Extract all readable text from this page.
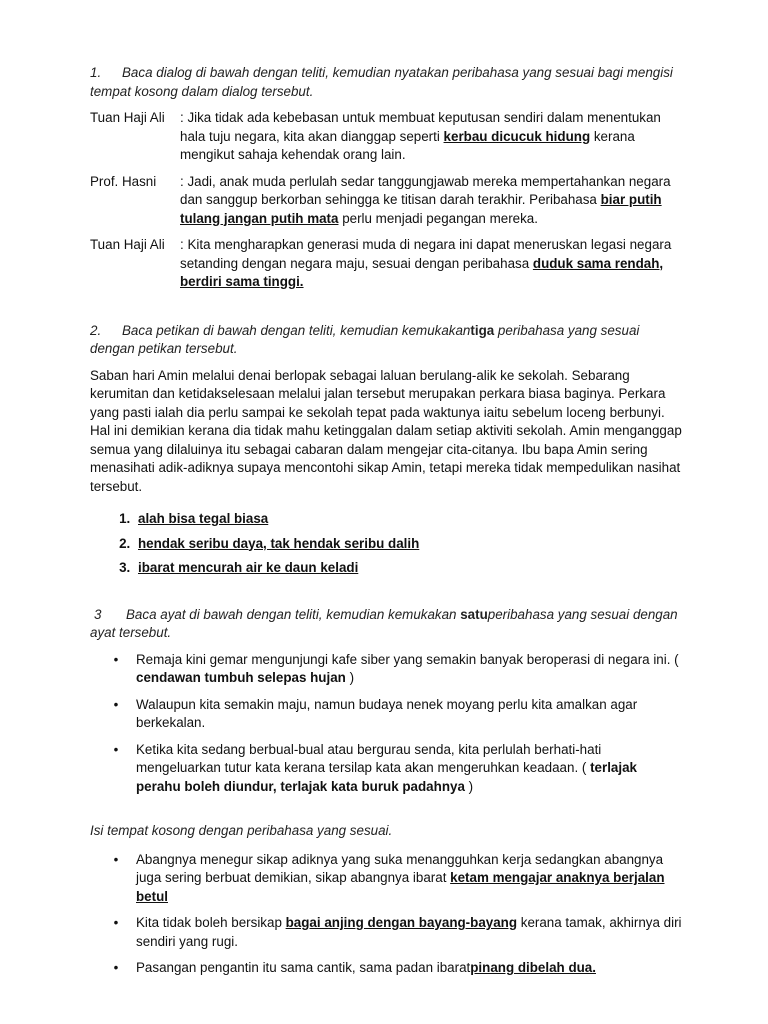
1. Baca dialog di bawah dengan teliti, kemudian nyatakan peribahasa yang sesuai bagi mengisi tempat kosong dalam dialog tersebut.
Tuan Haji Ali	: Jika tidak ada kebebasan untuk membuat keputusan sendiri dalam menentukan hala tuju negara, kita akan dianggap seperti kerbau dicucuk hidung kerana mengikut sahaja kehendak orang lain.
Prof. Hasni	: Jadi, anak muda perlulah sedar tanggungjawab mereka mempertahankan negara dan sanggup berkorban sehingga ke titisan darah terakhir. Peribahasa biar putih tulang jangan putih mata perlu menjadi pegangan mereka.
Tuan Haji Ali	: Kita mengharapkan generasi muda di negara ini dapat meneruskan legasi negara setanding dengan negara maju, sesuai dengan peribahasa duduk sama rendah, berdiri sama tinggi.
2. Baca petikan di bawah dengan teliti, kemudian kemukakantiga peribahasa yang sesuai dengan petikan tersebut.
Saban hari Amin melalui denai berlopak sebagai laluan berulang-alik ke sekolah. Sebarang kerumitan dan ketidakselesaan melalui jalan tersebut merupakan perkara biasa baginya. Perkara yang pasti ialah dia perlu sampai ke sekolah tepat pada waktunya iaitu sebelum loceng berbunyi. Hal ini demikian kerana dia tidak mahu ketinggalan dalam setiap aktiviti sekolah. Amin menganggap semua yang dilaluinya itu sebagai cabaran dalam mengejar cita-citanya. Ibu bapa Amin sering menasihati adik-adiknya supaya mencontohi sikap Amin, tetapi mereka tidak mempedulikan nasihat tersebut.
1. alah bisa tegal biasa
2. hendak seribu daya, tak hendak seribu dalih
3. ibarat mencurah air ke daun keladi
3 Baca ayat di bawah dengan teliti, kemudian kemukakan satuperibahasa yang sesuai dengan ayat tersebut.
• Remaja kini gemar mengunjungi kafe siber yang semakin banyak beroperasi di negara ini. ( cendawan tumbuh selepas hujan )
• Walaupun kita semakin maju, namun budaya nenek moyang perlu kita amalkan agar berkekalan.
• Ketika kita sedang berbual-bual atau bergurau senda, kita perlulah berhati-hati mengeluarkan tutur kata kerana tersilap kata akan mengeruhkan keadaan. ( terlajak perahu boleh diundur, terlajak kata buruk padahnya )
Isi tempat kosong dengan peribahasa yang sesuai.
• Abangnya menegur sikap adiknya yang suka menangguhkan kerja sedangkan abangnya juga sering berbuat demikian, sikap abangnya ibarat ketam mengajar anaknya berjalan betul
• Kita tidak boleh bersikap bagai anjing dengan bayang-bayang kerana tamak, akhirnya diri sendiri yang rugi.
• Pasangan pengantin itu sama cantik, sama padan ibaratpinang dibelah dua.
